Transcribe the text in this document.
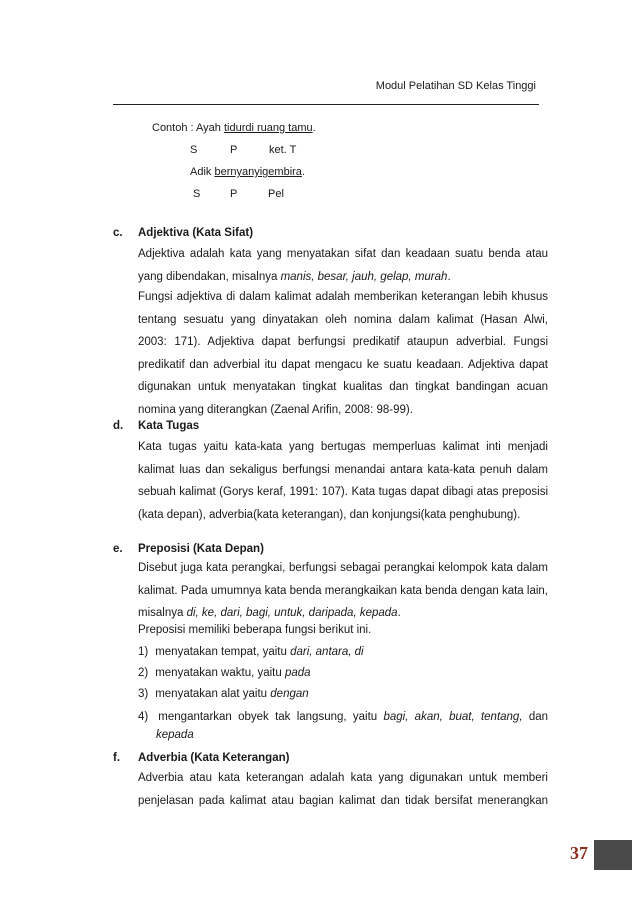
Modul Pelatihan SD Kelas Tinggi
Contoh : Ayah tidurdi ruang tamu.
S	P	ket. T
Adik bernyanyigembira.
S	P	Pel
c. Adjektiva (Kata Sifat)
Adjektiva adalah kata yang menyatakan sifat dan keadaan suatu benda atau
yang dibendakan, misalnya manis, besar, jauh, gelap, murah.
Fungsi adjektiva di dalam kalimat adalah memberikan keterangan lebih khusus
tentang sesuatu yang dinyatakan oleh nomina dalam kalimat (Hasan Alwi,
2003: 171). Adjektiva dapat berfungsi predikatif ataupun adverbial. Fungsi
predikatif dan adverbial itu dapat mengacu ke suatu keadaan. Adjektiva dapat
digunakan untuk menyatakan tingkat kualitas dan tingkat bandingan acuan
nomina yang diterangkan (Zaenal Arifin, 2008: 98-99).
d. Kata Tugas
Kata tugas yaitu kata-kata yang bertugas memperluas kalimat inti menjadi
kalimat luas dan sekaligus berfungsi menandai antara kata-kata penuh dalam
sebuah kalimat (Gorys keraf, 1991: 107). Kata tugas dapat dibagi atas preposisi
(kata depan), adverbia(kata keterangan), dan konjungsi(kata penghubung).
e. Preposisi (Kata Depan)
Disebut juga kata perangkai, berfungsi sebagai perangkai kelompok kata dalam
kalimat. Pada umumnya kata benda merangkaikan kata benda dengan kata lain,
misalnya di, ke, dari, bagi, untuk, daripada, kepada.
Preposisi memiliki beberapa fungsi berikut ini.
1) menyatakan tempat, yaitu dari, antara, di
2) menyatakan waktu, yaitu pada
3) menyatakan alat yaitu dengan
4) mengantarkan obyek tak langsung, yaitu bagi, akan, buat, tentang, dan
kepada
f. Adverbia (Kata Keterangan)
Adverbia atau kata keterangan adalah kata yang digunakan untuk memberi
penjelasan pada kalimat atau bagian kalimat dan tidak bersifat menerangkan
37
